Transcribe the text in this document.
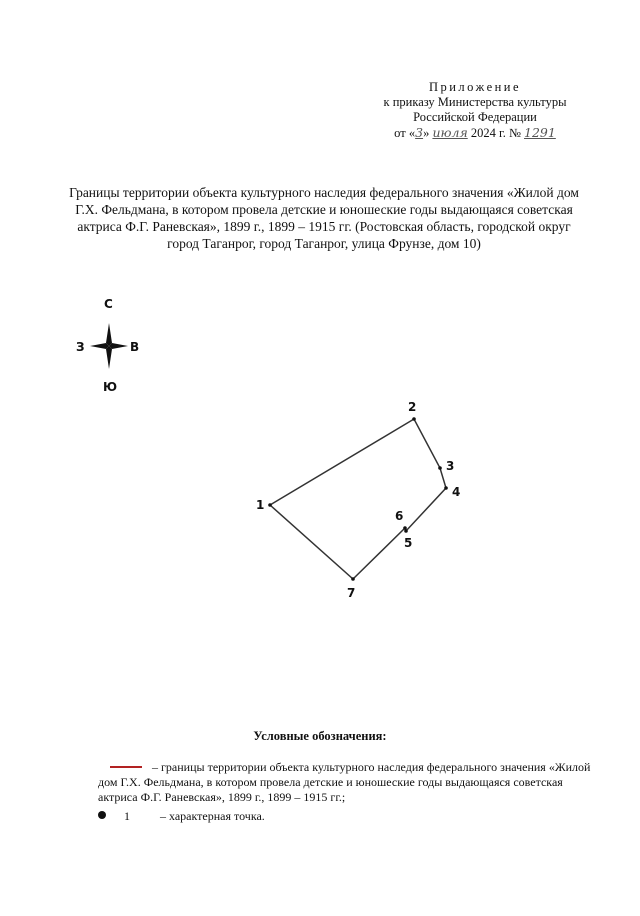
Приложение
к приказу Министерства культуры
Российской Федерации
от «3» июля 2024 г. № 1291
Границы территории объекта культурного наследия федерального значения «Жилой дом Г.Х. Фельдмана, в котором провела детские и юношеские годы выдающаяся советская актриса Ф.Г. Раневская», 1899 г., 1899 – 1915 гг. (Ростовская область, городской округ город Таганрог, город Таганрог, улица Фрунзе, дом 10)
С
Ю
З	В
1
2
3
4
5
6
7
Условные обозначения:
– границы территории объекта культурного наследия федерального значения «Жилой дом Г.Х. Фельдмана, в котором провела детские и юношеские годы выдающаяся советская актриса Ф.Г. Раневская», 1899 г., 1899 – 1915 гг.;
1	– характерная точка.
